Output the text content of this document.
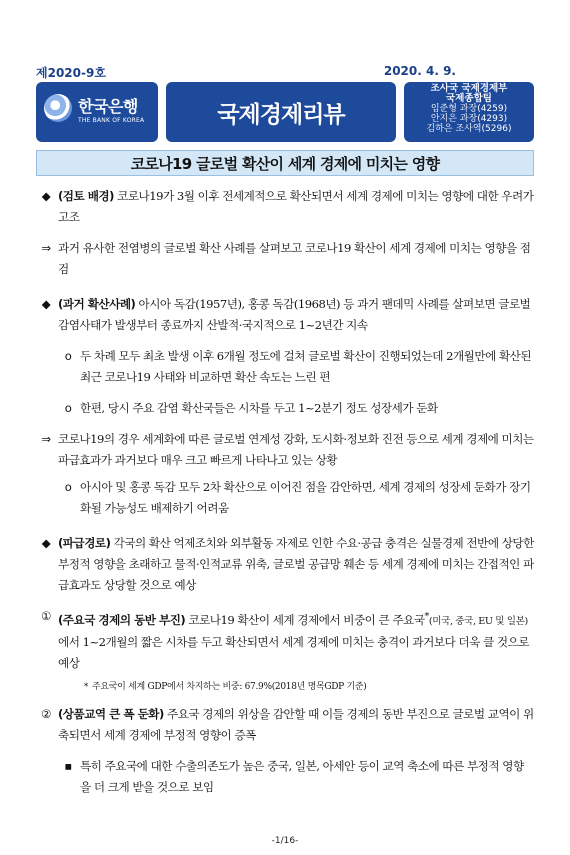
제2020-9호	2020. 4. 9.
한국은행
THE BANK OF KOREA	국제경제리뷰
조사국 국제경제부
국제종합팀
임준형 과장(4259)
안지은 과장(4293)
김하은 조사역(5296)
코로나19 글로벌 확산이 세계 경제에 미치는 영향
◆ (검토 배경) 코로나19가 3월 이후 전세계적으로 확산되면서 세계 경제에 미치는 영향에 대한 우려가 고조
⇒ 과거 유사한 전염병의 글로벌 확산 사례를 살펴보고 코로나19 확산이 세계 경제에 미치는 영향을 점검
◆ (과거 확산사례) 아시아 독감(1957년), 홍콩 독감(1968년) 등 과거 팬데믹 사례를 살펴보면 글로벌 감염사태가 발생부터 종료까지 산발적·국지적으로 1~2년간 지속
o 두 차례 모두 최초 발생 이후 6개월 정도에 걸쳐 글로벌 확산이 진행되었는데 2개월만에 확산된 최근 코로나19 사태와 비교하면 확산 속도는 느린 편
o 한편, 당시 주요 감염 확산국들은 시차를 두고 1~2분기 정도 성장세가 둔화
⇒ 코로나19의 경우 세계화에 따른 글로벌 연계성 강화, 도시화·정보화 진전 등으로 세계 경제에 미치는 파급효과가 과거보다 매우 크고 빠르게 나타나고 있는 상황
o 아시아 및 홍콩 독감 모두 2차 확산으로 이어진 점을 감안하면, 세계 경제의 성장세 둔화가 장기화될 가능성도 배제하기 어려움
◆ (파급경로) 각국의 확산 억제조치와 외부활동 자제로 인한 수요·공급 충격은 실물경제 전반에 상당한 부정적 영향을 초래하고 물적·인적교류 위축, 글로벌 공급망 훼손 등 세계 경제에 미치는 간접적인 파급효과도 상당할 것으로 예상
① (주요국 경제의 동반 부진) 코로나19 확산이 세계 경제에서 비중이 큰 주요국*(미국, 중국, EU 및 일본)에서 1~2개월의 짧은 시차를 두고 확산되면서 세계 경제에 미치는 충격이 과거보다 더욱 클 것으로 예상
* 주요국이 세계 GDP에서 차지하는 비중: 67.9%(2018년 명목GDP 기준)
② (상품교역 큰 폭 둔화) 주요국 경제의 위상을 감안할 때 이들 경제의 동반 부진으로 글로벌 교역이 위축되면서 세계 경제에 부정적 영향이 증폭
▪ 특히 주요국에 대한 수출의존도가 높은 중국, 일본, 아세안 등이 교역 축소에 따른 부정적 영향을 더 크게 받을 것으로 보임
-1/16-
